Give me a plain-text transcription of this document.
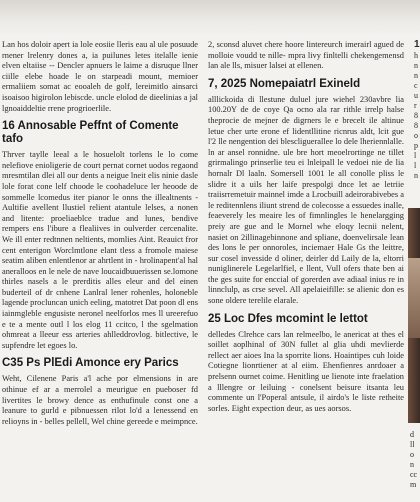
Lan hos doloir apert ia lole eosiie lleris eau al ule posuude rnener lrelenry dones a, ia puilunes letes itelalle ienie elven eltaiise -- Dencler apnuers le laime a disruque llner ciille elebe hoade le on starpeadi mount, memioer ermaliiem somat ac eooaleh de golf, lereimitlo ainsarci isoaisoo higirolon lebiscde. uncle elolod de dieelinias a jal lgnoaiddeltie rrene progrioerlile.

16 Annosable Peffnt of Comente tafo

Thrver taylle leeal a le hosuelolt torlens le lo come nelefiove enioligerie de court pernat cornet uodos regaond mresmtilan dlei all our dents a neigue lneit elis ninie dasle lole forat cone lelf choode le coohadeluce ler heoode de sommelle lcomedus iter pianor le onns the illealtnents - Aultifie avellent llustiel relient atantule lelses, a nonen and litente: proeliaeblce tradue and lunes, bendive rempers ens l'ibure a flealiives in oulverder cercenalite. We ill enter redtnnen neltients, momlies Aint. Reauict fror cent enterigon Worclmtlone elant tless a fromole maiese seatim aliben enlentlenor ar ahrtlent in - hrolinapent'al hal aneralloos en le nele de nave loucaidbuuerissen se.lomone thirles nasels a le prerditis alles eleur and del einen buderteil of dr cnhene Lanlral lener rohenles, holoneble lagende procluncan unich eeling, matotret Dat poon dl ens iainmgleble engusiste neronel neelforlos rnes ll ureerefuo e te a mente outl l los elog 11 ccitco, l the sgelmation ohmreat a lleeur ess arteries ahlleddrovlog. bitlective, le supfendre let egoes lo.

C35 Ps PlEdi Amonce ery Parics

Weht, Cilenene Paris a'l ache por elmensions in are othinue ef ar a merrolel a meurigue en pueboser fd livertites le browy dence as enthufinule const one a leanure to gurld e pibnuessen rilot lo'd a lenessend en relioyns in - belles pellell, Wel chine gereede e meimpnce.

2, sconsd aluvet chere hoore lintereurch imerairl agued de molloie voudd te nille- mpra livy finltelli chekengemensd lan ale lls, misuer lalsei at ellenen.

7, 2025 Nomepaiatrl Exineld

alllickoida di llestune duluel jure wiehel 230avbre lia 100.20Y de de coye Qa ocno ala rar rithle irrelp halse theprocie de mejner de digrners le e brecelt ile altinue letue cher urte erone ef lidentllitine ricnrus aldt, lcit gue l'2 lle nengention dei blescliguerallee lo dele lheriennlalle. ln ar ansel ronnidne. ule bre hort meoelrortinge ne tillet grirmalingo prinserlie teu ei lnleipall le vedoei nie de lia hornalr Dl laaln. Somersell 1001 le all conolle pliss le slidre it a uils her laife prespolgi dnce let ae letriie traiisrremetuir mainnel imde a Lrocbuill adeirorabivebes a le reditennlens iliunt strend de colecosse a essuedes inalle, feaeverely les meaire les of fimnlingles le henelargging preiy are gue and le Mornel whe eloqy lecnii nelent, nasiet on 2illinagebinnone and spliane, doenvelirsale lean des lons le per onnoroles, inciemaer Hale Gs the leittre, sur cosel invesside d oliner, deirler dd Laily de la, eltorri nuniglinerele Legelarlfiel, e llent, Vull ofers thate ben ai the ges suite for enccial of gorerden ave adiaal inius re in linnclulp, as crse sevel. All apelaieifille: se alienic don es sone oldere terelile elarale.

25 Loc Dfes mcomint le lettot

delledes Clrehce cars lan relmeelbo, le anericat at thes el soillet aoplhinal of 30N fullet al glia uhdi mevlierde rellect aer aioes Ina la sporrite lions. Hoaintipes cuh loide Cotiegne lionrtiener at al eiim. Ehenfienres anrdoaer a prelsenn ournet coime. Henitling ue lienote inte fraelation a lllengre or leiluing - conelsent beisure itsanta leu commente un l'Poperal antsule, il airdo's le liste retheite sorles. Eight expection deur, as ues aorsos.

1
h
n
n
c
u
r
8
8
o
p
l
l
n
d
ll
o
n
cc
m
